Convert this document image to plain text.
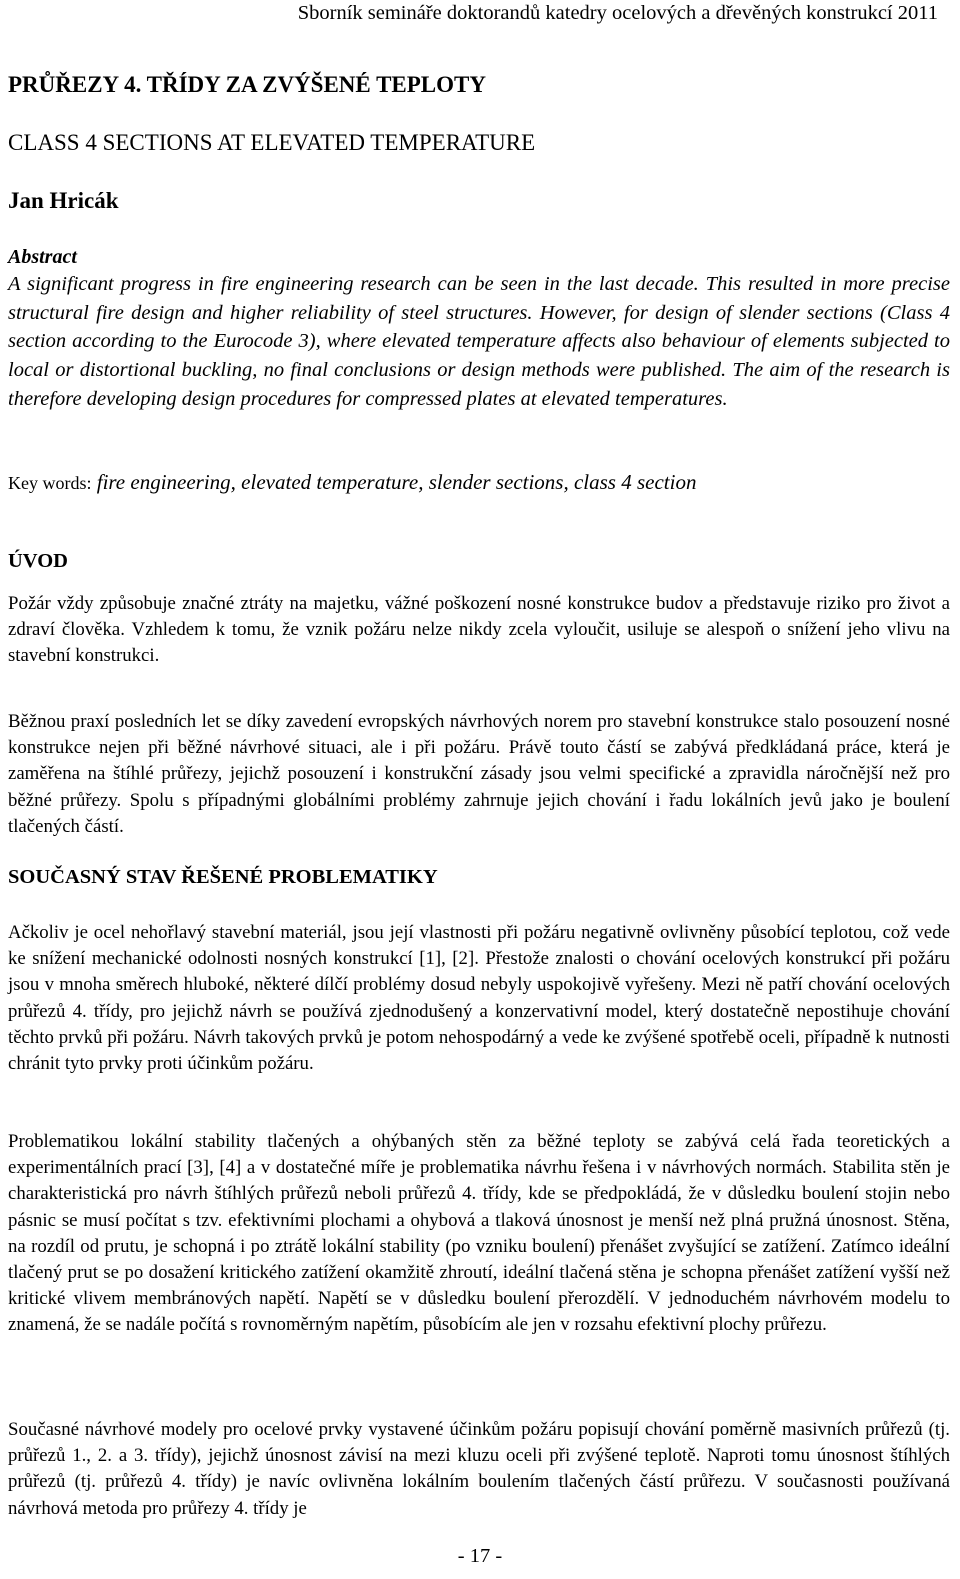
Sborník semináře doktorandů katedry ocelových a dřevěných konstrukcí 2011
PRŮŘEZY 4. TŘÍDY ZA ZVÝŠENÉ TEPLOTY
CLASS 4 SECTIONS AT ELEVATED TEMPERATURE
Jan Hricák
Abstract

A significant progress in fire engineering research can be seen in the last decade. This resulted in more precise structural fire design and higher reliability of steel structures. However, for design of slender sections (Class 4 section according to the Eurocode 3), where elevated temperature affects also behaviour of elements subjected to local or distortional buckling, no final conclusions or design methods were published. The aim of the research is therefore developing design procedures for compressed plates at elevated temperatures.

Key words: fire engineering, elevated temperature, slender sections, class 4 section
ÚVOD

Požár vždy způsobuje značné ztráty na majetku, vážné poškození nosné konstrukce budov a představuje riziko pro život a zdraví člověka. Vzhledem k tomu, že vznik požáru nelze nikdy zcela vyloučit, usiluje se alespoň o snížení jeho vlivu na stavební konstrukci.

Běžnou praxí posledních let se díky zavedení evropských návrhových norem pro stavební konstrukce stalo posouzení nosné konstrukce nejen při běžné návrhové situaci, ale i při požáru. Právě touto částí se zabývá předkládaná práce, která je zaměřena na štíhlé průřezy, jejichž posouzení i konstrukční zásady jsou velmi specifické a zpravidla náročnější než pro běžné průřezy. Spolu s případnými globálními problémy zahrnuje jejich chování i řadu lokálních jevů jako je boulení tlačených částí.

SOUČASNÝ STAV ŘEŠENÉ PROBLEMATIKY

Ačkoliv je ocel nehořlavý stavební materiál, jsou její vlastnosti při požáru negativně ovlivněny působící teplotou, což vede ke snížení mechanické odolnosti nosných konstrukcí [1], [2]. Přestože znalosti o chování ocelových konstrukcí při požáru jsou v mnoha směrech hluboké, některé dílčí problémy dosud nebyly uspokojivě vyřešeny. Mezi ně patří chování ocelových průřezů 4. třídy, pro jejichž návrh se používá zjednodušený a konzervativní model, který dostatečně nepostihuje chování těchto prvků při požáru. Návrh takových prvků je potom nehospodárný a vede ke zvýšené spotřebě oceli, případně k nutnosti chránit tyto prvky proti účinkům požáru.

Problematikou lokální stability tlačených a ohýbaných stěn za běžné teploty se zabývá celá řada teoretických a experimentálních prací [3], [4] a v dostatečné míře je problematika návrhu řešena i v návrhových normách. Stabilita stěn je charakteristická pro návrh štíhlých průřezů neboli průřezů 4. třídy, kde se předpokládá, že v důsledku boulení stojin nebo pásnic se musí počítat s tzv. efektivními plochami a ohybová a tlaková únosnost je menší než plná pružná únosnost. Stěna, na rozdíl od prutu, je schopná i po ztrátě lokální stability (po vzniku boulení) přenášet zvyšující se zatížení. Zatímco ideální tlačený prut se po dosažení kritického zatížení okamžitě zhroutí, ideální tlačená stěna je schopna přenášet zatížení vyšší než kritické vlivem membránových napětí. Napětí se v důsledku boulení přerozdělí. V jednoduchém návrhovém modelu to znamená, že se nadále počítá s rovnoměrným napětím, působícím ale jen v rozsahu efektivní plochy průřezu.

Současné návrhové modely pro ocelové prvky vystavené účinkům požáru popisují chování poměrně masivních průřezů (tj. průřezů 1., 2. a 3. třídy), jejichž únosnost závisí na mezi kluzu oceli při zvýšené teplotě. Naproti tomu únosnost štíhlých průřezů (tj. průřezů 4. třídy) je navíc ovlivněna lokálním boulením tlačených částí průřezu. V současnosti používaná návrhová metoda pro průřezy 4. třídy je

- 17 -
